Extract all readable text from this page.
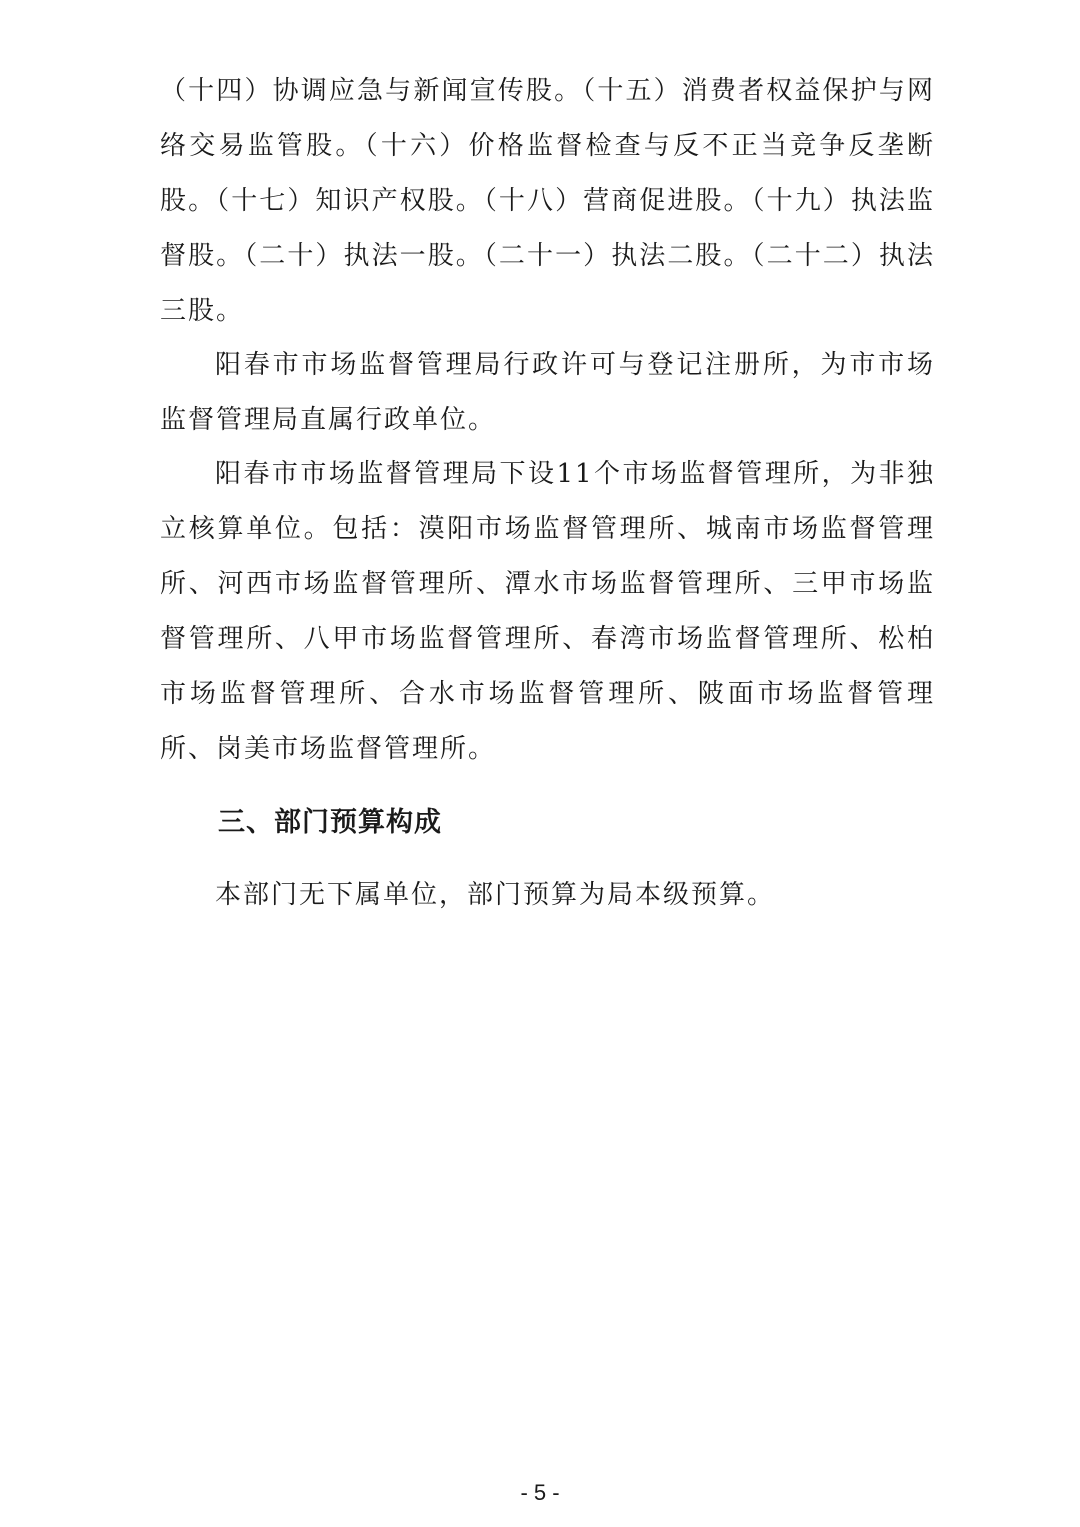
（十四）协调应急与新闻宣传股。（十五）消费者权益保护与网络交易监管股。（十六）价格监督检查与反不正当竞争反垄断股。（十七）知识产权股。（十八）营商促进股。（十九）执法监督股。（二十）执法一股。（二十一）执法二股。（二十二）执法三股。

阳春市市场监督管理局行政许可与登记注册所，为市市场监督管理局直属行政单位。

阳春市市场监督管理局下设11个市场监督管理所，为非独立核算单位。包括：漠阳市场监督管理所、城南市场监督管理所、河西市场监督管理所、潭水市场监督管理所、三甲市场监督管理所、八甲市场监督管理所、春湾市场监督管理所、松柏市场监督管理所、合水市场监督管理所、陂面市场监督管理所、岗美市场监督管理所。

三、部门预算构成

本部门无下属单位，部门预算为局本级预算。

- 5 -
